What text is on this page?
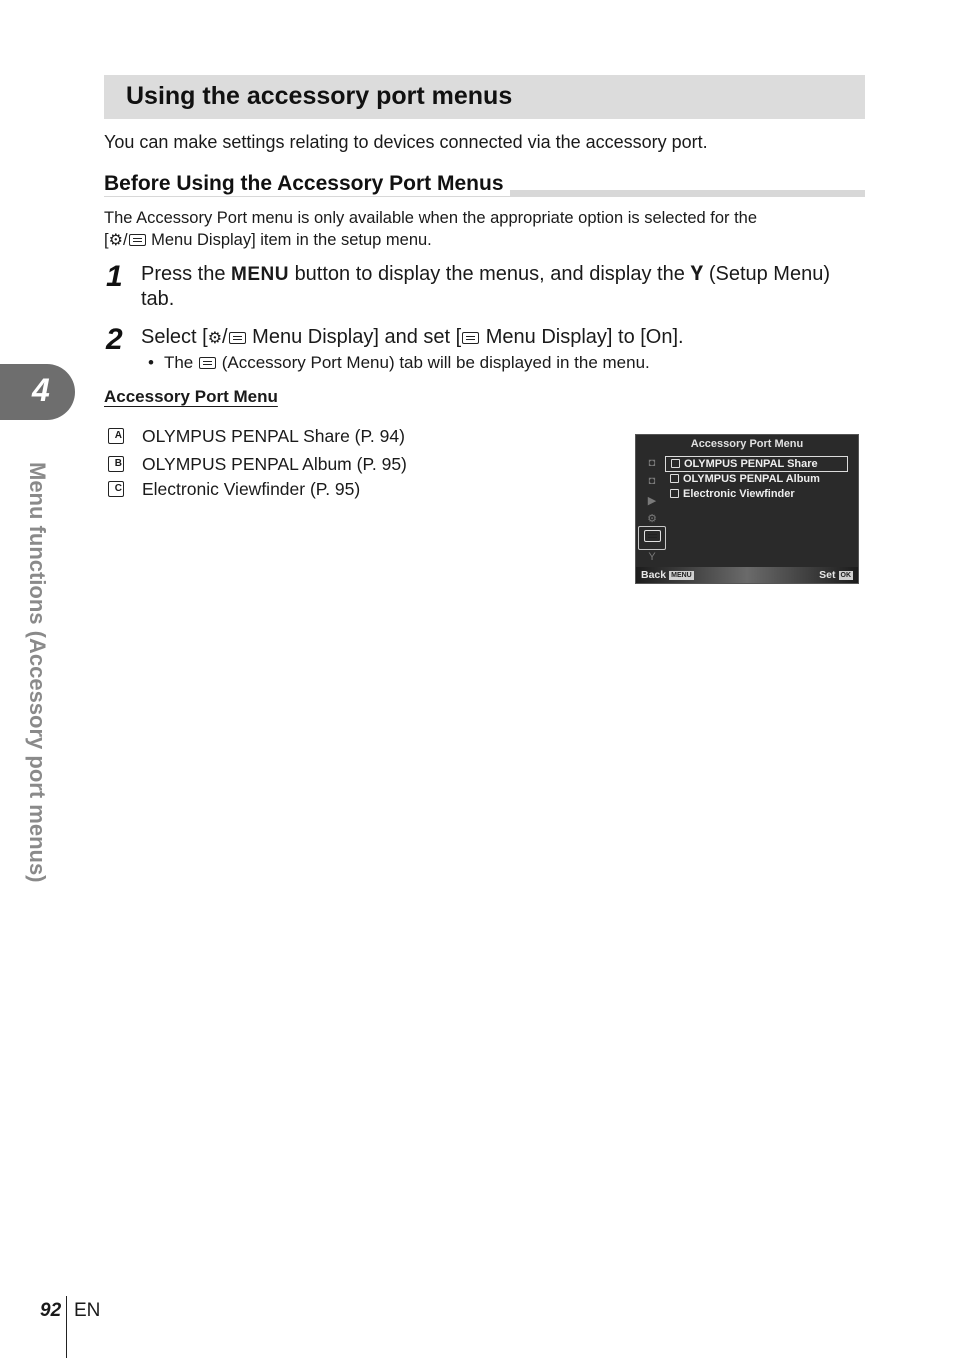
Using the accessory port menus

You can make settings relating to devices connected via the accessory port.

Before Using the Accessory Port Menus

The Accessory Port menu is only available when the appropriate option is selected for the
[⚙/ Menu Display] item in the setup menu.

1 Press the MENU button to display the menus, and display the 𝚼 (Setup Menu) tab.
2 Select [⚙/ Menu Display] and set [ Menu Display] to [On].

• The (Accessory Port Menu) tab will be displayed in the menu.

Accessory Port Menu
A OLYMPUS PENPAL Share (P. 94)
B OLYMPUS PENPAL Album (P. 95)
C Electronic Viewfinder (P. 95)
Accessory Port Menu
◘
◘
▶
⚙
Y
OLYMPUS PENPAL Share
OLYMPUS PENPAL Album
Electronic Viewfinder
Back MENU	Set OK
4
Menu functions (Accessory port menus)
92 EN
